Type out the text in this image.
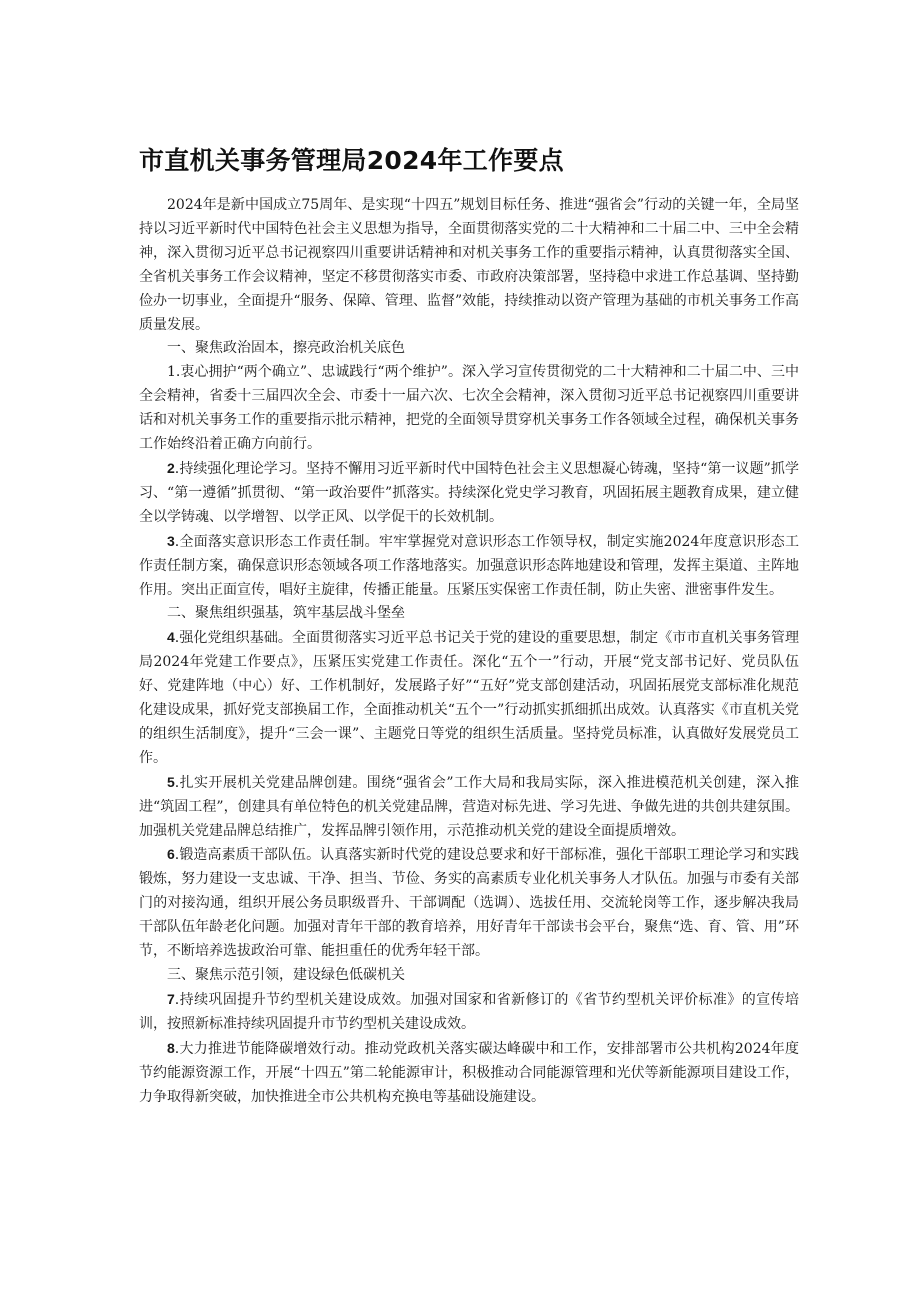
市直机关事务管理局2024年工作要点

2024年是新中国成立75周年、是实现“十四五”规划目标任务、推进“强省会”行动的关键一年，全局坚持以习近平新时代中国特色社会主义思想为指导，全面贯彻落实党的二十大精神和二十届二中、三中全会精神，深入贯彻习近平总书记视察四川重要讲话精神和对机关事务工作的重要指示精神，认真贯彻落实全国、全省机关事务工作会议精神，坚定不移贯彻落实市委、市政府决策部署，坚持稳中求进工作总基调、坚持勤俭办一切事业，全面提升“服务、保障、管理、监督”效能，持续推动以资产管理为基础的市机关事务工作高质量发展。

一、聚焦政治固本，擦亮政治机关底色

1.衷心拥护“两个确立”、忠诚践行“两个维护”。深入学习宣传贯彻党的二十大精神和二十届二中、三中全会精神，省委十三届四次全会、市委十一届六次、七次全会精神，深入贯彻习近平总书记视察四川重要讲话和对机关事务工作的重要指示批示精神，把党的全面领导贯穿机关事务工作各领域全过程，确保机关事务工作始终沿着正确方向前行。

2.持续强化理论学习。坚持不懈用习近平新时代中国特色社会主义思想凝心铸魂，坚持“第一议题”抓学习、“第一遵循”抓贯彻、“第一政治要件”抓落实。持续深化党史学习教育，巩固拓展主题教育成果，建立健全以学铸魂、以学增智、以学正风、以学促干的长效机制。

3.全面落实意识形态工作责任制。牢牢掌握党对意识形态工作领导权，制定实施2024年度意识形态工作责任制方案，确保意识形态领域各项工作落地落实。加强意识形态阵地建设和管理，发挥主渠道、主阵地作用。突出正面宣传，唱好主旋律，传播正能量。压紧压实保密工作责任制，防止失密、泄密事件发生。

二、聚焦组织强基，筑牢基层战斗堡垒

4.强化党组织基础。全面贯彻落实习近平总书记关于党的建设的重要思想，制定《市市直机关事务管理局2024年党建工作要点》，压紧压实党建工作责任。深化“五个一”行动，开展“党支部书记好、党员队伍好、党建阵地（中心）好、工作机制好，发展路子好”“五好”党支部创建活动，巩固拓展党支部标准化规范化建设成果，抓好党支部换届工作，全面推动机关“五个一”行动抓实抓细抓出成效。认真落实《市直机关党的组织生活制度》，提升“三会一课”、主题党日等党的组织生活质量。坚持党员标准，认真做好发展党员工作。

5.扎实开展机关党建品牌创建。围绕“强省会”工作大局和我局实际，深入推进模范机关创建，深入推进“筑固工程”，创建具有单位特色的机关党建品牌，营造对标先进、学习先进、争做先进的共创共建氛围。加强机关党建品牌总结推广，发挥品牌引领作用，示范推动机关党的建设全面提质增效。

6.锻造高素质干部队伍。认真落实新时代党的建设总要求和好干部标准，强化干部职工理论学习和实践锻炼，努力建设一支忠诚、干净、担当、节俭、务实的高素质专业化机关事务人才队伍。加强与市委有关部门的对接沟通，组织开展公务员职级晋升、干部调配（选调）、选拔任用、交流轮岗等工作，逐步解决我局干部队伍年龄老化问题。加强对青年干部的教育培养，用好青年干部读书会平台，聚焦“选、育、管、用”环节，不断培养选拔政治可靠、能担重任的优秀年轻干部。

三、聚焦示范引领，建设绿色低碳机关

7.持续巩固提升节约型机关建设成效。加强对国家和省新修订的《省节约型机关评价标准》的宣传培训，按照新标准持续巩固提升市节约型机关建设成效。

8.大力推进节能降碳增效行动。推动党政机关落实碳达峰碳中和工作，安排部署市公共机构2024年度节约能源资源工作，开展“十四五”第二轮能源审计，积极推动合同能源管理和光伏等新能源项目建设工作，力争取得新突破，加快推进全市公共机构充换电等基础设施建设。
